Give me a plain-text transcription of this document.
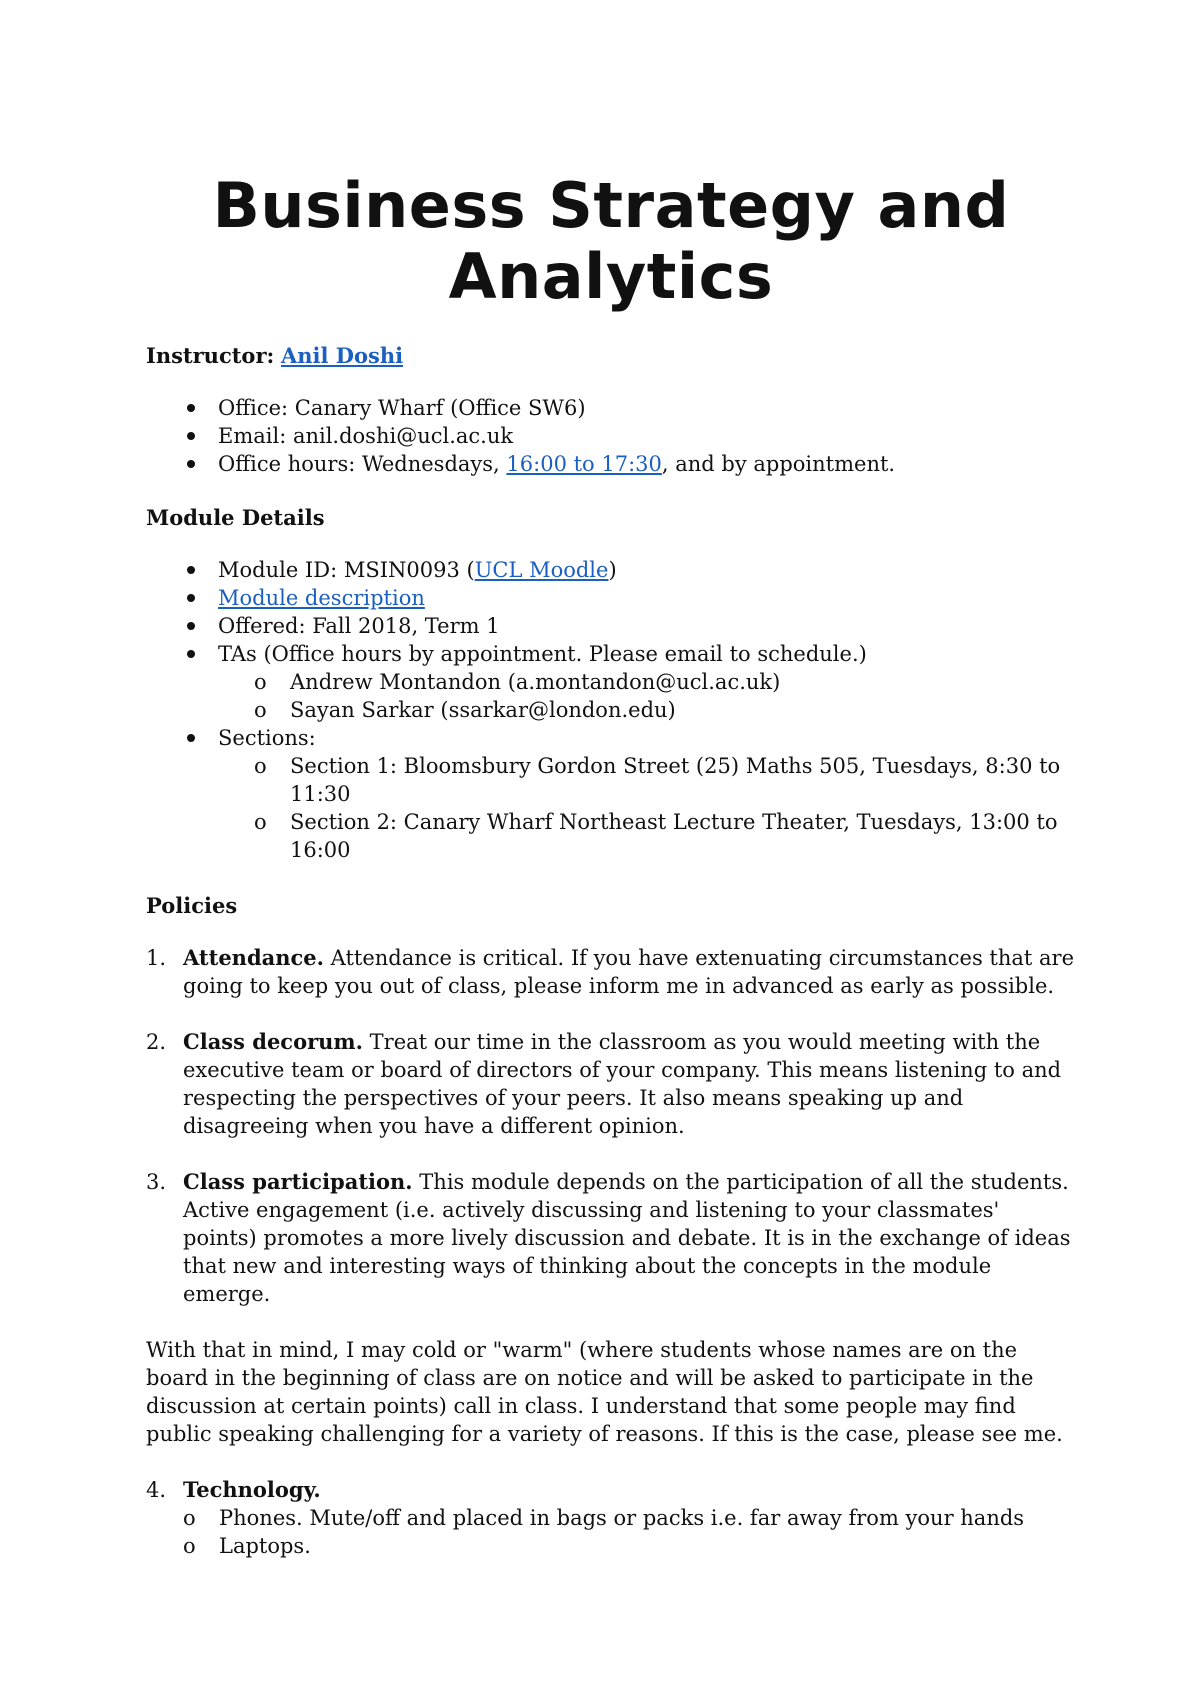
Business Strategy and
Analytics

Instructor: Anil Doshi

Office: Canary Wharf (Office SW6)
Email: anil.doshi@ucl.ac.uk
Office hours: Wednesdays, 16:00 to 17:30, and by appointment.

Module Details

Module ID: MSIN0093 (UCL Moodle)
Module description
Offered: Fall 2018, Term 1
TAs (Office hours by appointment. Please email to schedule.)
o Andrew Montandon (a.montandon@ucl.ac.uk)
o Sayan Sarkar (ssarkar@london.edu)
Sections:
o Section 1: Bloomsbury Gordon Street (25) Maths 505, Tuesdays, 8:30 to 11:30
o Section 2: Canary Wharf Northeast Lecture Theater, Tuesdays, 13:00 to 16:00

Policies

1. Attendance. Attendance is critical. If you have extenuating circumstances that are going to keep you out of class, please inform me in advanced as early as possible.
2. Class decorum. Treat our time in the classroom as you would meeting with the executive team or board of directors of your company. This means listening to and respecting the perspectives of your peers. It also means speaking up and disagreeing when you have a different opinion.
3. Class participation. This module depends on the participation of all the students. Active engagement (i.e. actively discussing and listening to your classmates' points) promotes a more lively discussion and debate. It is in the exchange of ideas that new and interesting ways of thinking about the concepts in the module emerge.

With that in mind, I may cold or "warm" (where students whose names are on the board in the beginning of class are on notice and will be asked to participate in the discussion at certain points) call in class. I understand that some people may find public speaking challenging for a variety of reasons. If this is the case, please see me.

4. Technology.
o Phones. Mute/off and placed in bags or packs i.e. far away from your hands
o Laptops.
